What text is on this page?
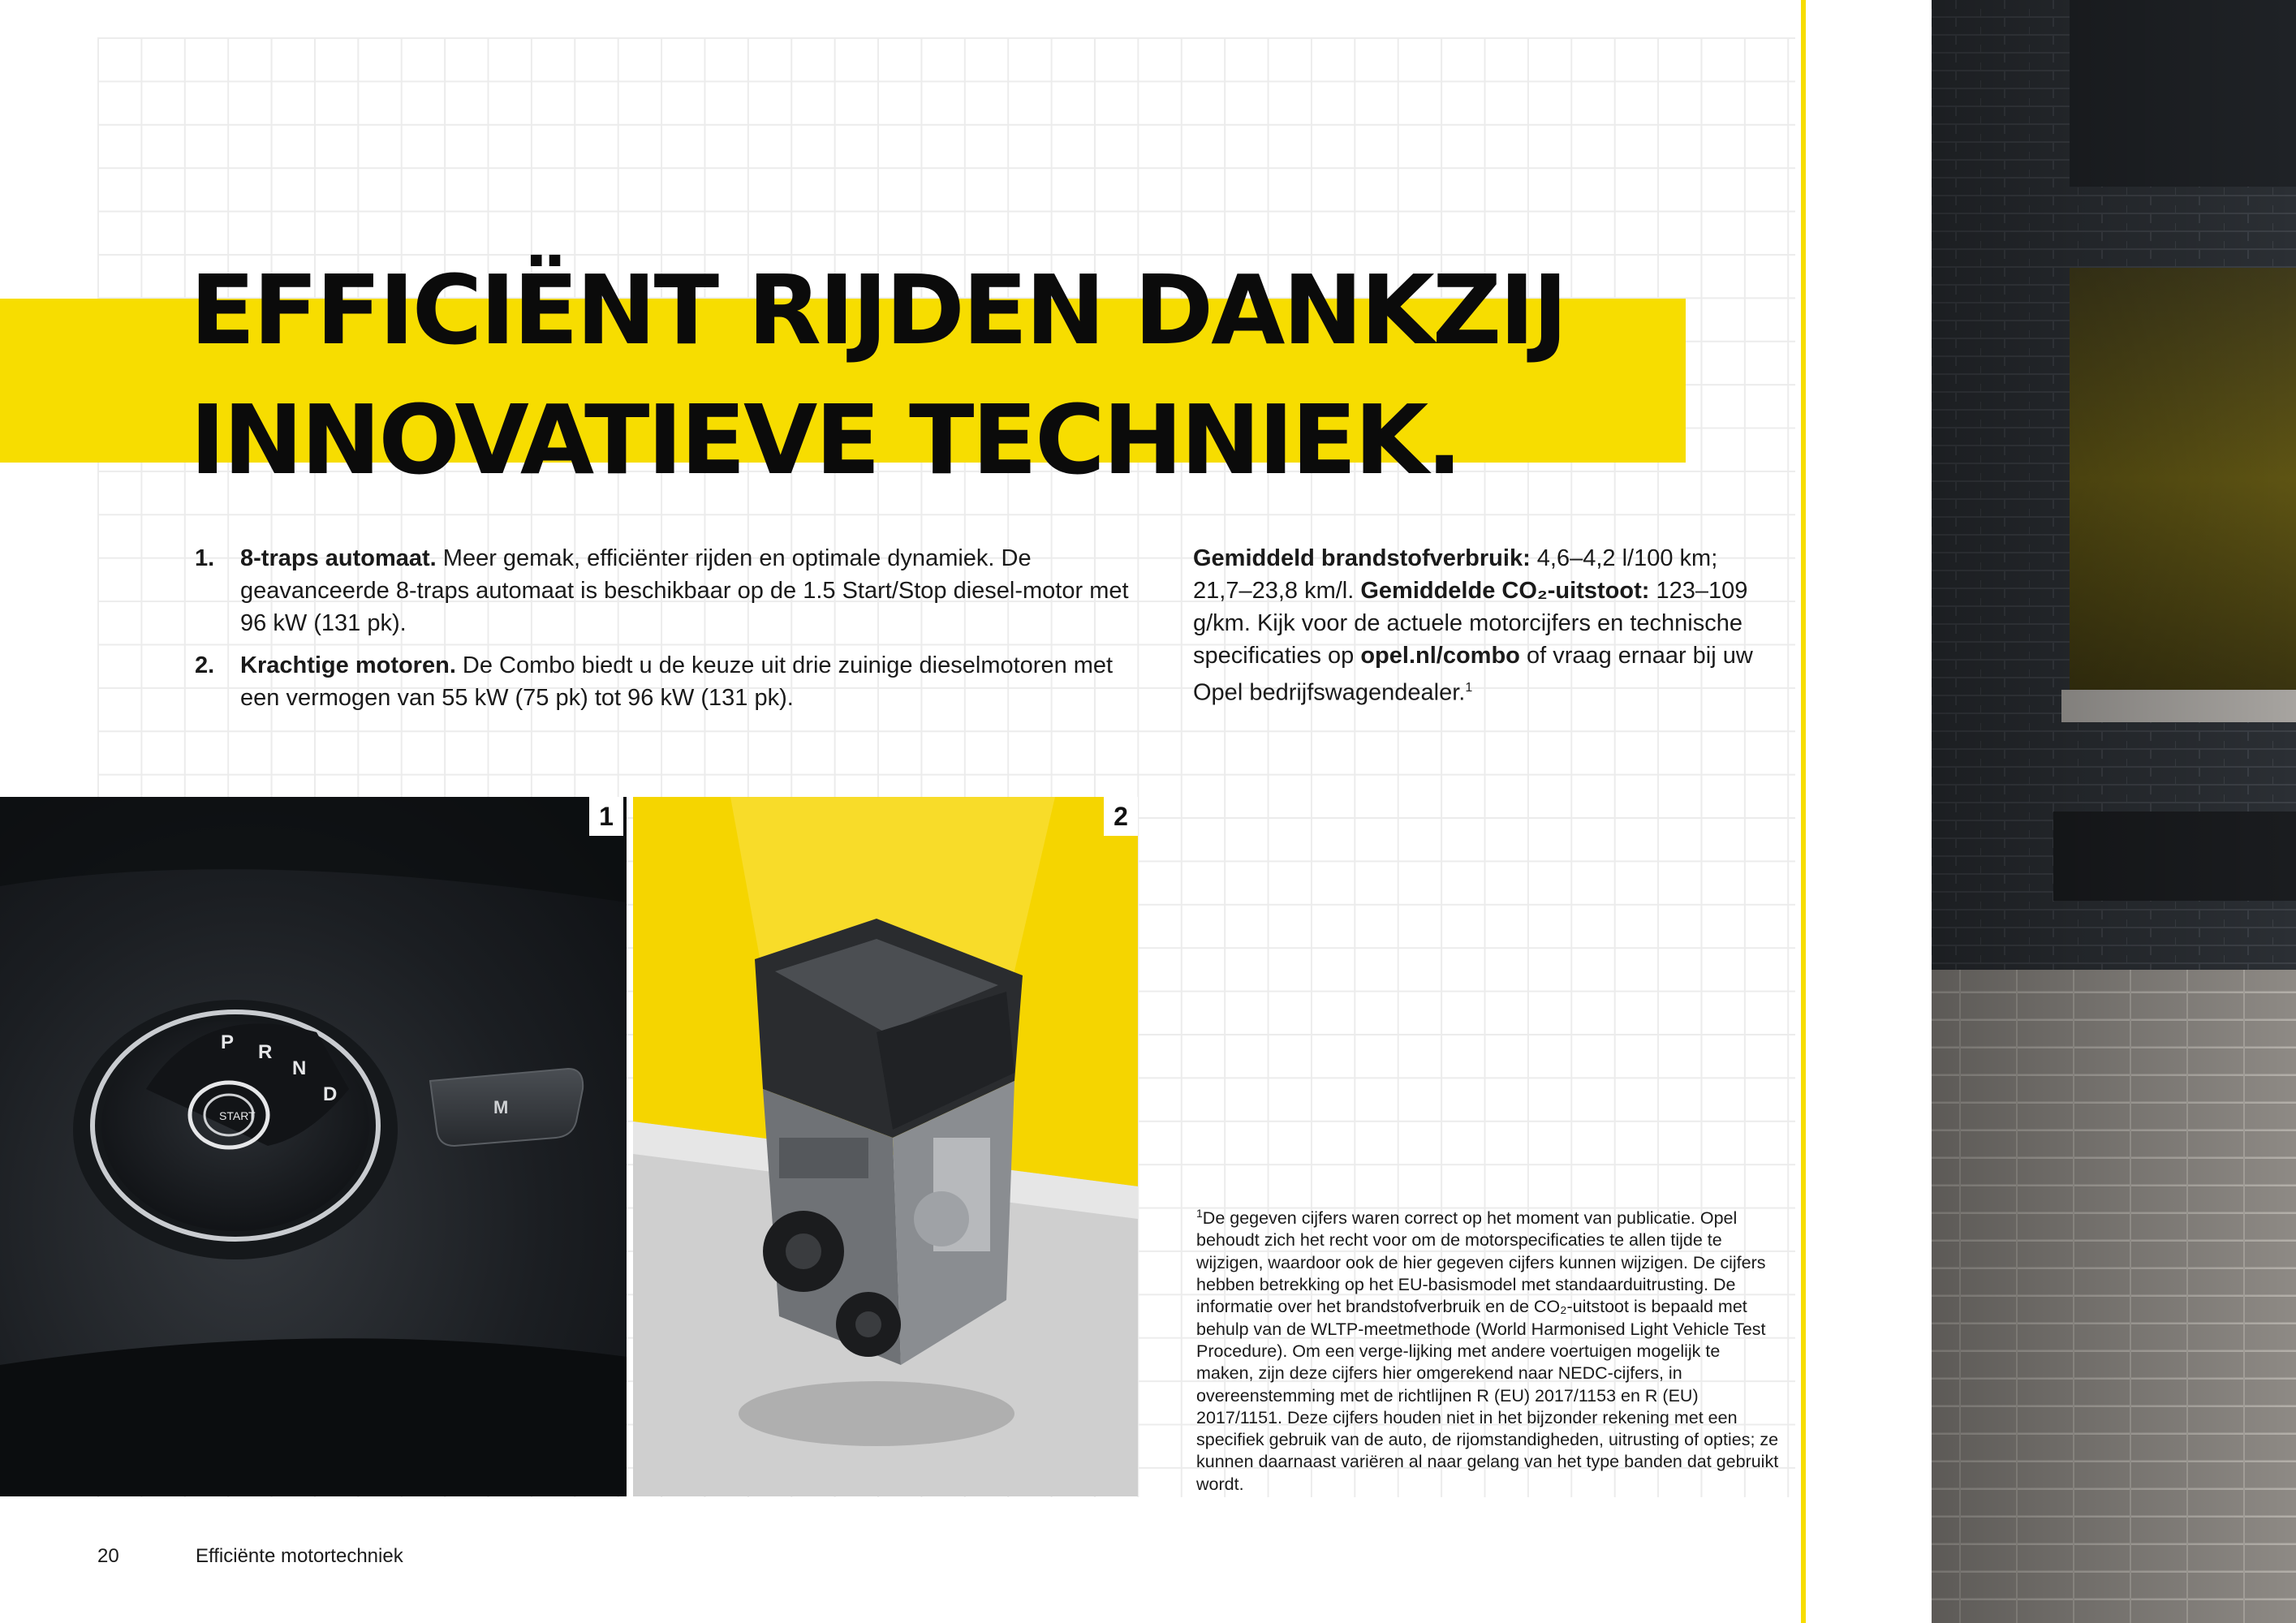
EFFICIËNT RIJDEN DANKZIJ
INNOVATIEVE TECHNIEK.
1.	8-traps automaat. Meer gemak, efficiënter rijden en optimale dynamiek. De geavanceerde 8-traps automaat is beschikbaar op de 1.5 Start/Stop diesel-motor met 96 kW (131 pk).
2.	Krachtige motoren. De Combo biedt u de keuze uit drie zuinige dieselmotoren met een vermogen van 55 kW (75 pk) tot 96 kW (131 pk).
Gemiddeld brandstofverbruik: 4,6–4,2 l/100 km; 21,7–23,8 km/l. Gemiddelde CO₂-uitstoot: 123–109 g/km. Kijk voor de actuele motorcijfers en technische specificaties op opel.nl/combo of vraag ernaar bij uw Opel bedrijfswagendealer.$^1$
START
P R
N
D
M
1	2
$^1$De gegeven cijfers waren correct op het moment van publicatie. Opel behoudt zich het recht voor om de motorspecificaties te allen tijde te wijzigen, waardoor ook de hier gegeven cijfers kunnen wijzigen. De cijfers hebben betrekking op het EU-basismodel met standaarduitrusting. De informatie over het brandstofverbruik en de CO₂-uitstoot is bepaald met behulp van de WLTP-meetmethode (World Harmonised Light Vehicle Test Procedure). Om een verge-lijking met andere voertuigen mogelijk te maken, zijn deze cijfers hier omgerekend naar NEDC-cijfers, in overeenstemming met de richtlijnen R (EU) 2017/1153 en R (EU) 2017/1151. Deze cijfers houden niet in het bijzonder rekening met een specifiek gebruik van de auto, de rijomstandigheden, uitrusting of opties; ze kunnen daarnaast variëren al naar gelang van het type banden dat gebruikt wordt.
20	Efficiënte motortechniek
